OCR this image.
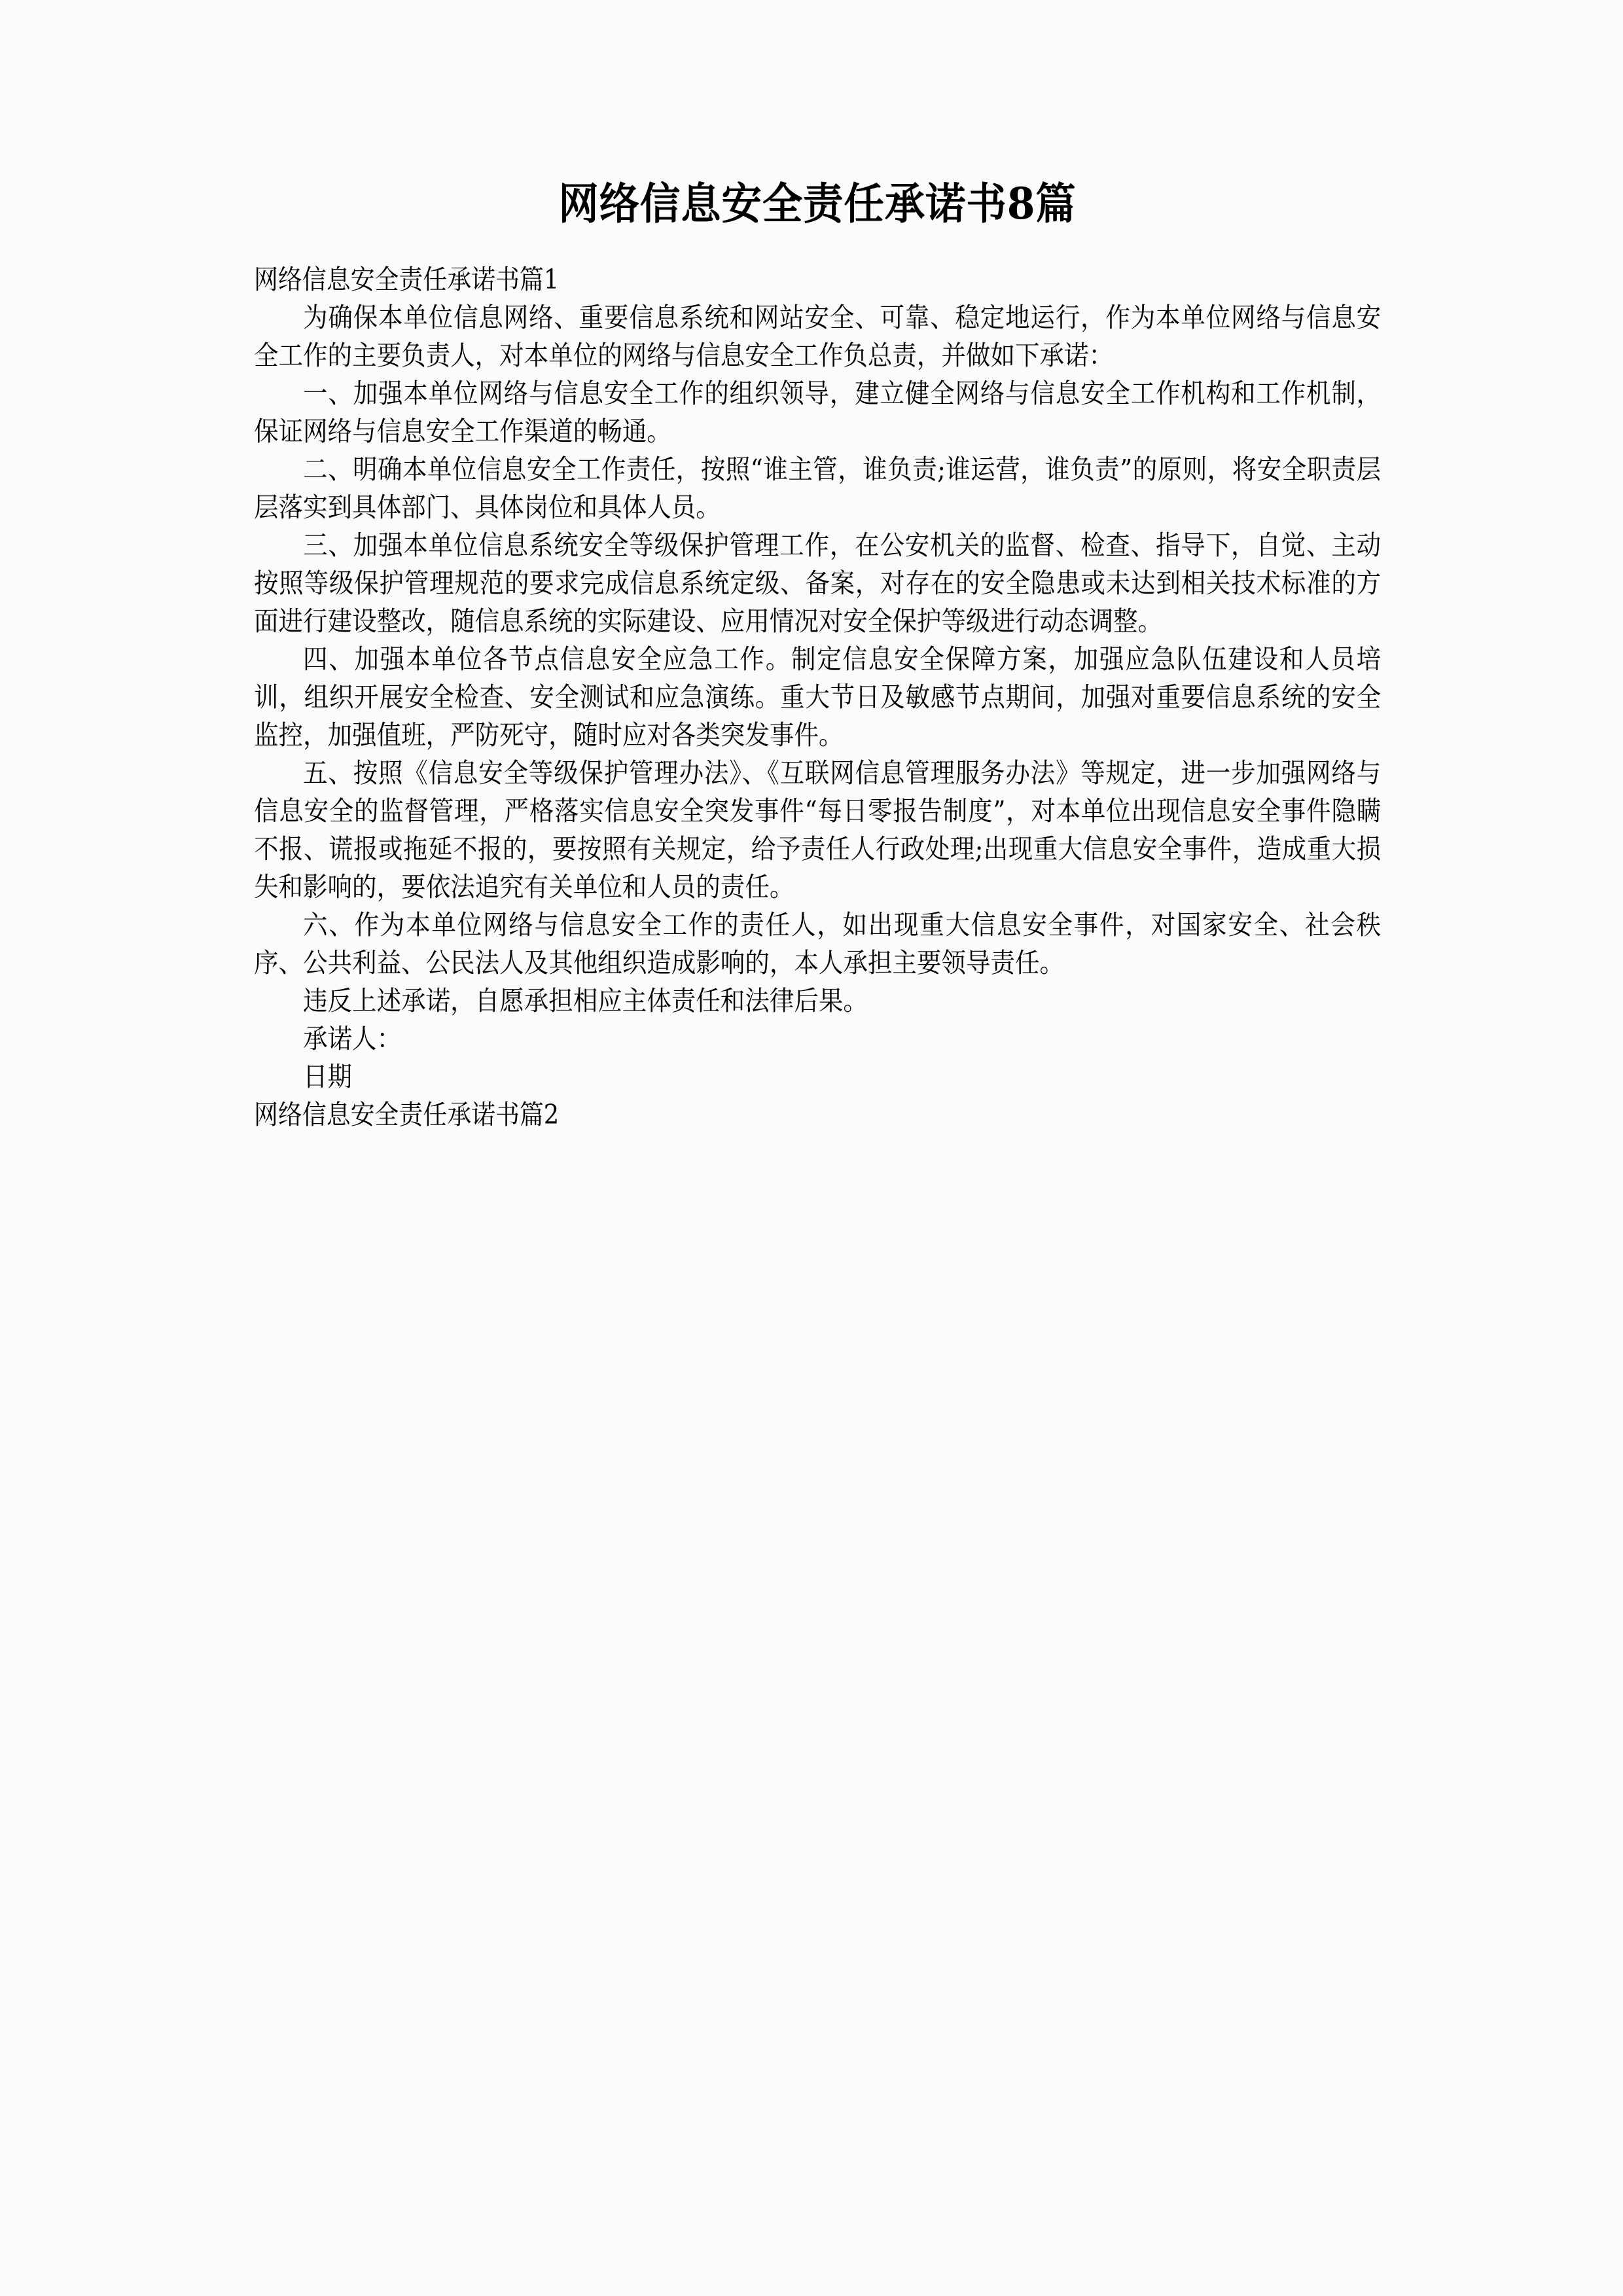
网络信息安全责任承诺书8篇

网络信息安全责任承诺书篇1

为确保本单位信息网络、重要信息系统和网站安全、可靠、稳定地运行，作为本单位网络与信息安全工作的主要负责人，对本单位的网络与信息安全工作负总责，并做如下承诺：

一、加强本单位网络与信息安全工作的组织领导，建立健全网络与信息安全工作机构和工作机制，保证网络与信息安全工作渠道的畅通。

二、明确本单位信息安全工作责任，按照“谁主管，谁负责;谁运营，谁负责”的原则，将安全职责层层落实到具体部门、具体岗位和具体人员。

三、加强本单位信息系统安全等级保护管理工作，在公安机关的监督、检查、指导下，自觉、主动按照等级保护管理规范的要求完成信息系统定级、备案，对存在的安全隐患或未达到相关技术标准的方面进行建设整改，随信息系统的实际建设、应用情况对安全保护等级进行动态调整。

四、加强本单位各节点信息安全应急工作。制定信息安全保障方案，加强应急队伍建设和人员培训，组织开展安全检查、安全测试和应急演练。重大节日及敏感节点期间，加强对重要信息系统的安全监控，加强值班，严防死守，随时应对各类突发事件。

五、按照《信息安全等级保护管理办法》、《互联网信息管理服务办法》等规定，进一步加强网络与信息安全的监督管理，严格落实信息安全突发事件“每日零报告制度”，对本单位出现信息安全事件隐瞒不报、谎报或拖延不报的，要按照有关规定，给予责任人行政处理;出现重大信息安全事件，造成重大损失和影响的，要依法追究有关单位和人员的责任。

六、作为本单位网络与信息安全工作的责任人，如出现重大信息安全事件，对国家安全、社会秩序、公共利益、公民法人及其他组织造成影响的，本人承担主要领导责任。

违反上述承诺，自愿承担相应主体责任和法律后果。

承诺人：

日期

网络信息安全责任承诺书篇2
